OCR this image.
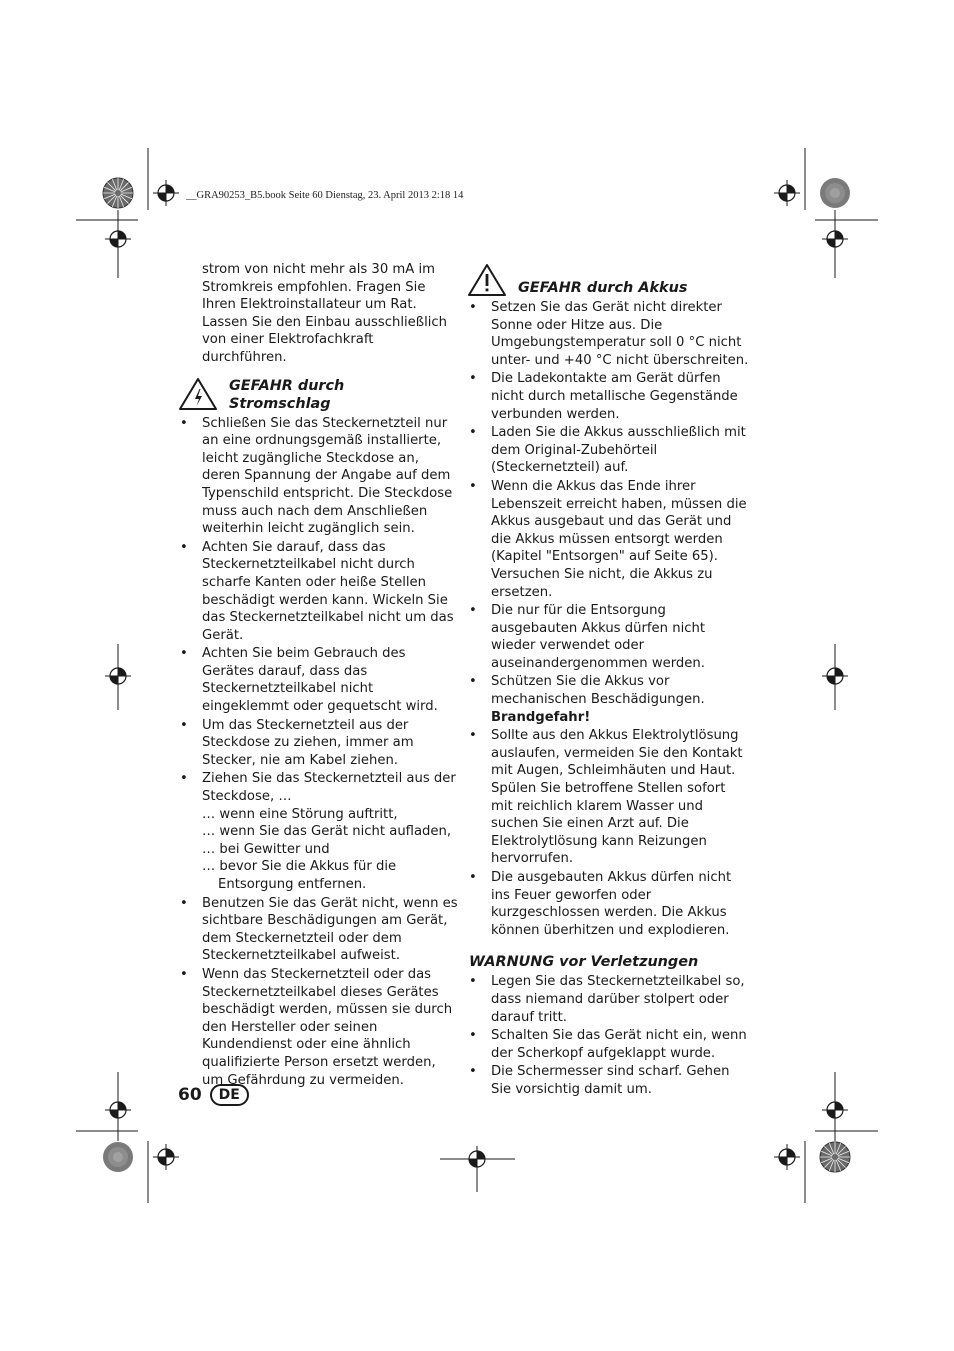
__GRA90253_B5.book Seite 60 Dienstag, 23. April 2013 2:18 14

strom von nicht mehr als 30 mA im Stromkreis empfohlen. Fragen Sie Ihren Elektroinstallateur um Rat. Lassen Sie den Einbau ausschließlich von einer Elektrofachkraft durchführen.

GEFAHR durch
Stromschlag
• Schließen Sie das Steckernetzteil nur an eine ordnungsgemäß installierte, leicht zugängliche Steckdose an, deren Spannung der Angabe auf dem Typenschild entspricht. Die Steckdose muss auch nach dem Anschließen weiterhin leicht zugänglich sein.
• Achten Sie darauf, dass das Steckernetzteilkabel nicht durch scharfe Kanten oder heiße Stellen beschädigt werden kann. Wickeln Sie das Steckernetzteilkabel nicht um das Gerät.
• Achten Sie beim Gebrauch des Gerätes darauf, dass das Steckernetzteilkabel nicht eingeklemmt oder gequetscht wird.
• Um das Steckernetzteil aus der Steckdose zu ziehen, immer am Stecker, nie am Kabel ziehen.
• Ziehen Sie das Steckernetzteil aus der Steckdose, …
… wenn eine Störung auftritt,
… wenn Sie das Gerät nicht aufladen,
… bei Gewitter und
… bevor Sie die Akkus für die Entsorgung entfernen.
• Benutzen Sie das Gerät nicht, wenn es sichtbare Beschädigungen am Gerät, dem Steckernetzteil oder dem Steckernetzteilkabel aufweist.
• Wenn das Steckernetzteil oder das Steckernetzteilkabel dieses Gerätes beschädigt werden, müssen sie durch den Hersteller oder seinen Kundendienst oder eine ähnlich qualifizierte Person ersetzt werden, um Gefährdung zu vermeiden.
GEFAHR durch Akkus
• Setzen Sie das Gerät nicht direkter Sonne oder Hitze aus. Die Umgebungstemperatur soll 0 °C nicht unter- und +40 °C nicht überschreiten.
• Die Ladekontakte am Gerät dürfen nicht durch metallische Gegenstände verbunden werden.
• Laden Sie die Akkus ausschließlich mit dem Original-Zubehörteil (Steckernetzteil) auf.
• Wenn die Akkus das Ende ihrer Lebenszeit erreicht haben, müssen die Akkus ausgebaut und das Gerät und die Akkus müssen entsorgt werden (Kapitel "Entsorgen" auf Seite 65). Versuchen Sie nicht, die Akkus zu ersetzen.
• Die nur für die Entsorgung ausgebauten Akkus dürfen nicht wieder verwendet oder auseinandergenommen werden.
• Schützen Sie die Akkus vor mechanischen Beschädigungen. Brandgefahr!
• Sollte aus den Akkus Elektrolytlösung auslaufen, vermeiden Sie den Kontakt mit Augen, Schleimhäuten und Haut. Spülen Sie betroffene Stellen sofort mit reichlich klarem Wasser und suchen Sie einen Arzt auf. Die Elektrolytlösung kann Reizungen hervorrufen.
• Die ausgebauten Akkus dürfen nicht ins Feuer geworfen oder kurzgeschlossen werden. Die Akkus können überhitzen und explodieren.
WARNUNG vor Verletzungen
• Legen Sie das Steckernetzteilkabel so, dass niemand darüber stolpert oder darauf tritt.
• Schalten Sie das Gerät nicht ein, wenn der Scherkopf aufgeklappt wurde.
• Die Schermesser sind scharf. Gehen Sie vorsichtig damit um.
60	DE
